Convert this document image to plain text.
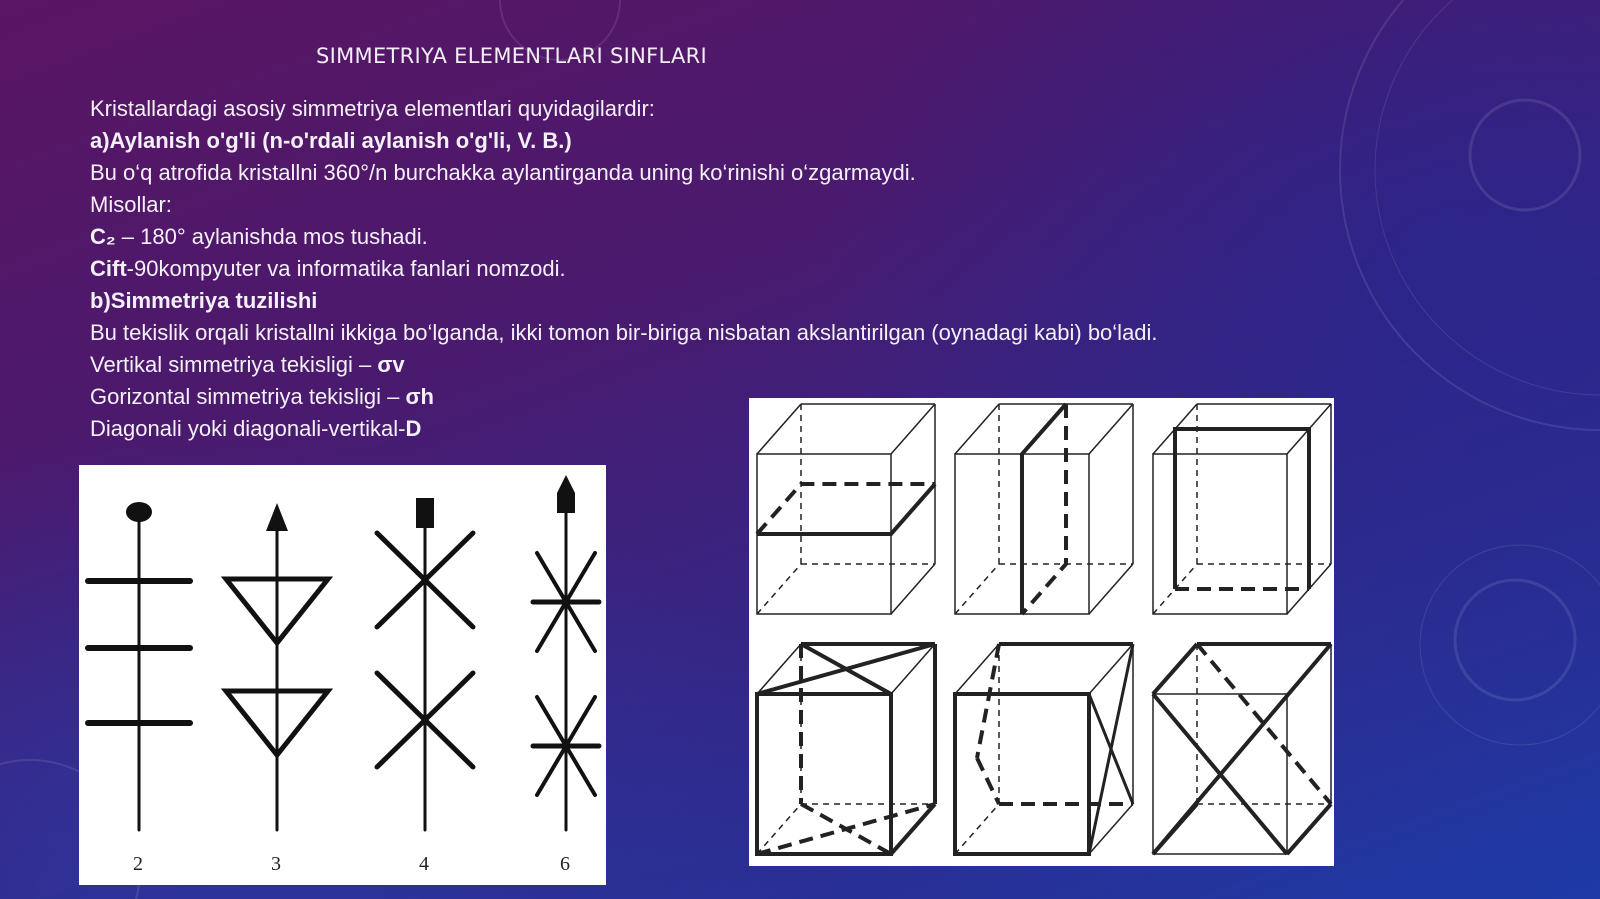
SIMMETRIYA ELEMENTLARI SINFLARI
Kristallardagi asosiy simmetriya elementlari quyidagilardir:
a)Aylanish o'g'li (n-o'rdali aylanish o'g'li, V. B.)
Bu o‘q atrofida kristallni 360°/n burchakka aylantirganda uning ko‘rinishi o‘zgarmaydi.
Misollar:
C₂ – 180° aylanishda mos tushadi.
Cift-90kompyuter va informatika fanlari nomzodi.
b)Simmetriya tuzilishi
Bu tekislik orqali kristallni ikkiga bo‘lganda, ikki tomon bir-biriga nisbatan akslantirilgan (oynadagi kabi) bo‘ladi.
Vertikal simmetriya tekisligi – σv
Gorizontal simmetriya tekisligi – σh
Diagonali yoki diagonali-vertikal-D
2	3	4	6
